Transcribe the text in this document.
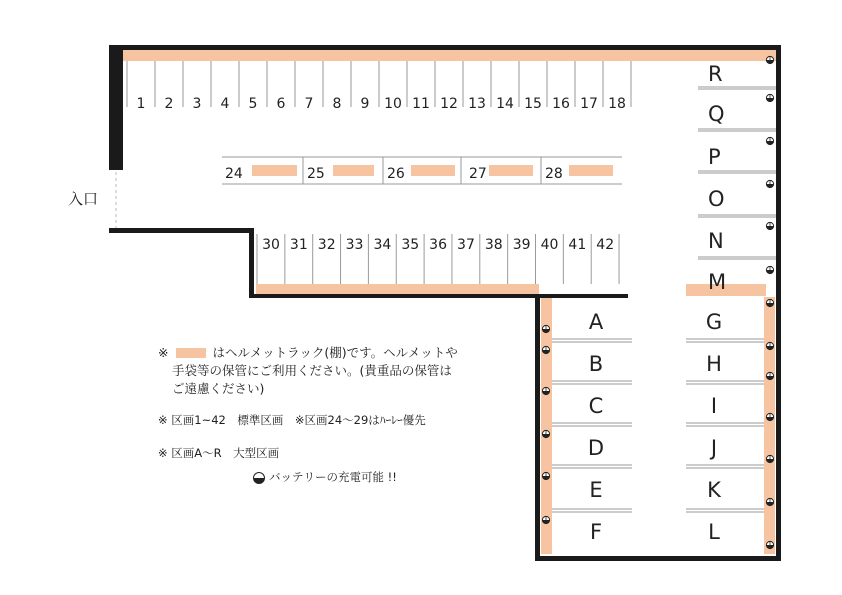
1 2 3 4 5 6 7 8 9 10 11 12 13 14 15 16 17 18
30 31 32 33 34 35 36 37 38 39 40 41 42
24	25	26	27	28
R
Q
P
O
N
M
A
B
C
D
E
F
G
H
I
J
K
L
入口
※	はヘルメットラック(棚)です。ヘルメットや
手袋等の保管にご利用ください。(貴重品の保管は
ご遠慮ください)
※ 区画1~42　標準区画　※区画24～29はﾊｰﾚｰ優先
※ 区画A～R　大型区画
バッテリーの充電可能 !!
